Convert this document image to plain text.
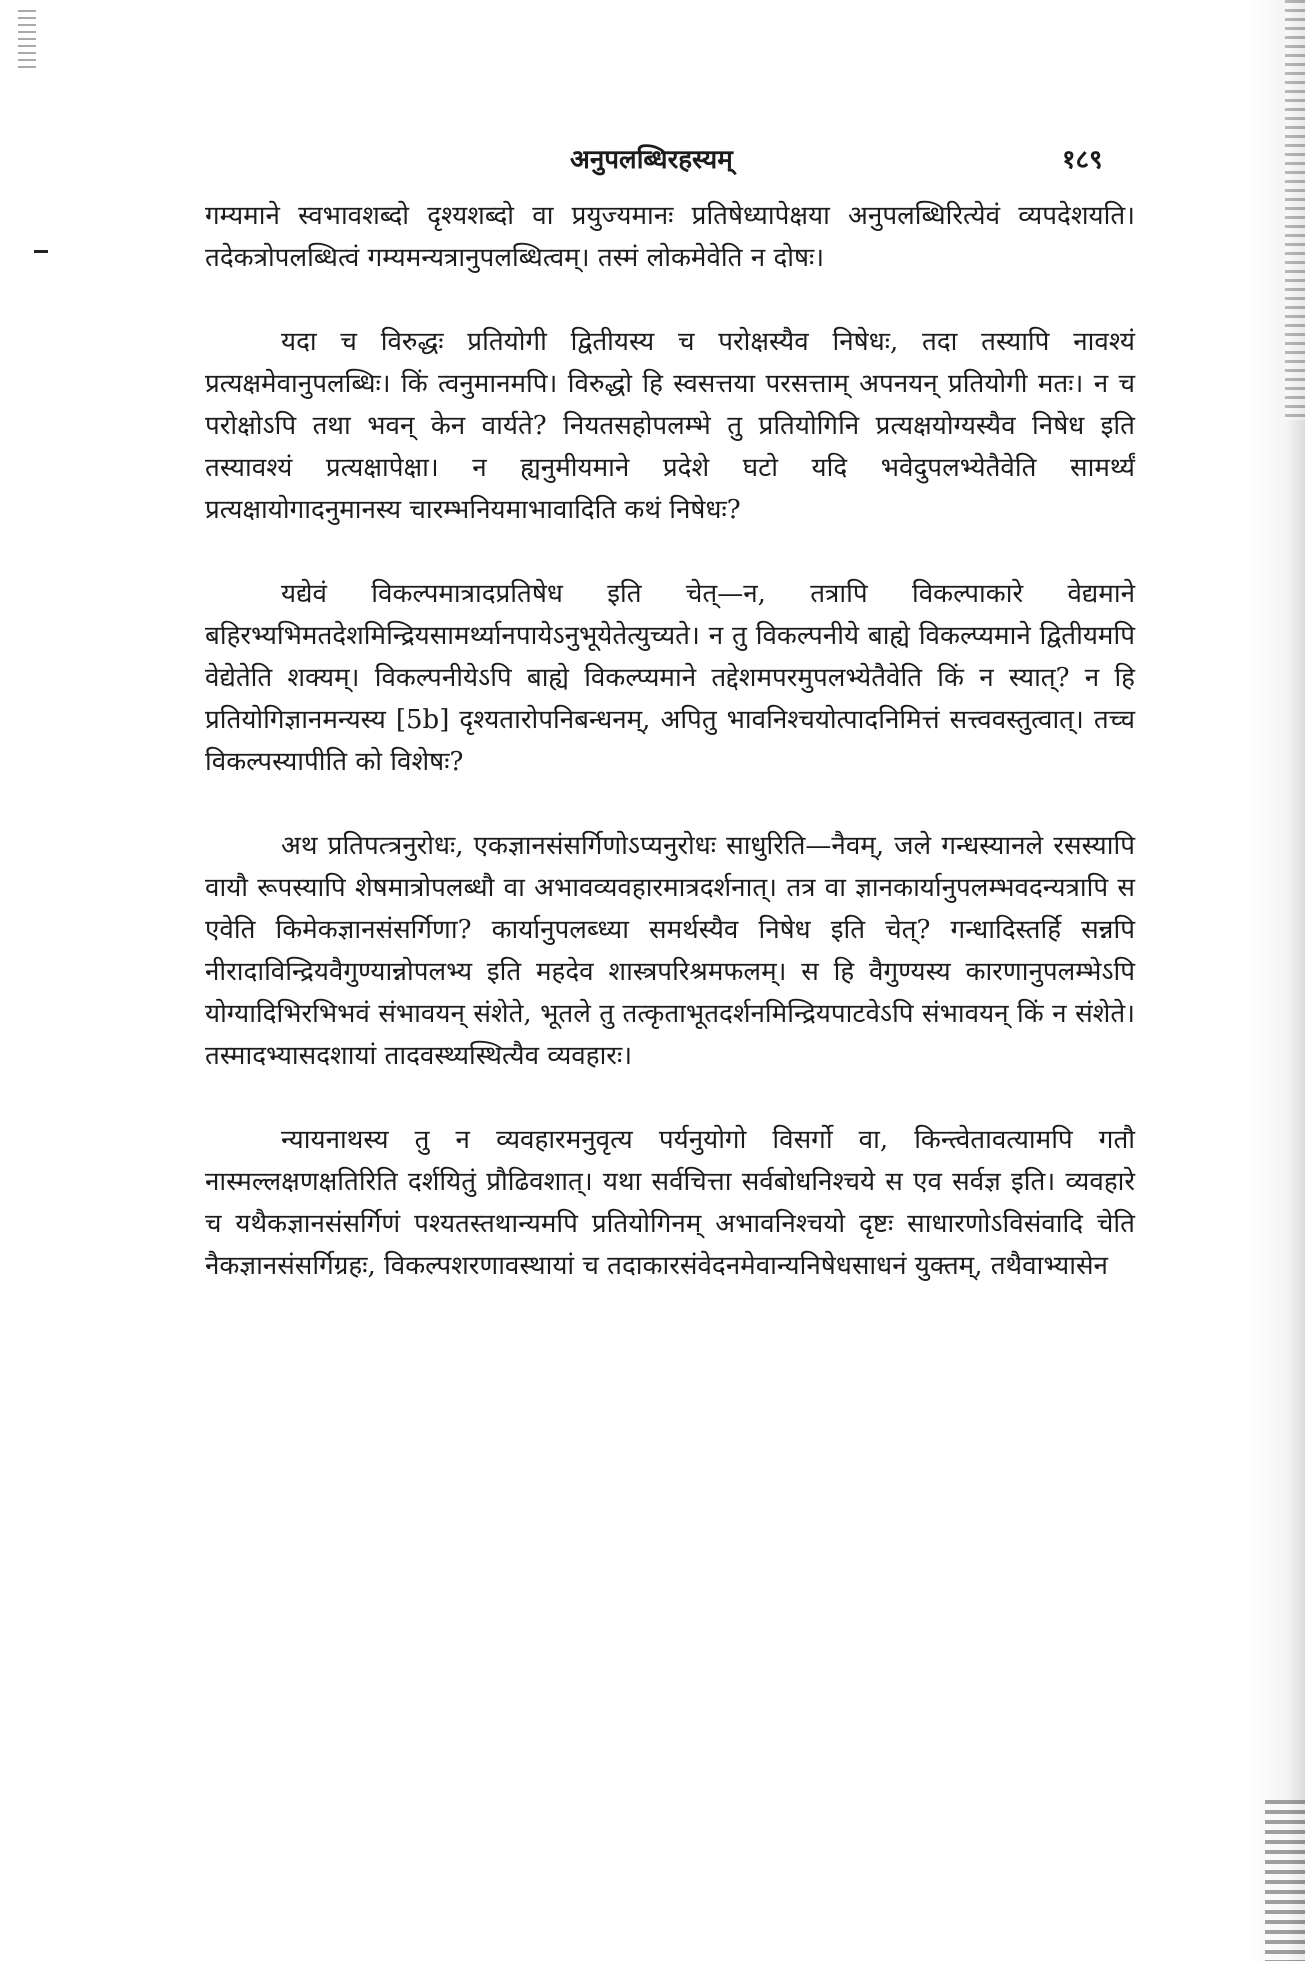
अनुपलब्धिरहस्यम्	१८९

गम्यमाने स्वभावशब्दो दृश्यशब्दो वा प्रयुज्यमानः प्रतिषेध्यापेक्षया अनुपलब्धिरित्येवं व्यपदेशयति। तदेकत्रोपलब्धित्वं गम्यमन्यत्रानुपलब्धित्वम्। तस्मं लोकमेवेति न दोषः।

यदा च विरुद्धः प्रतियोगी द्वितीयस्य च परोक्षस्यैव निषेधः, तदा तस्यापि नावश्यं प्रत्यक्षमेवानुपलब्धिः। किं त्वनुमानमपि। विरुद्धो हि स्वसत्तया परसत्ताम् अपनयन् प्रतियोगी मतः। न च परोक्षोऽपि तथा भवन् केन वार्यते? नियतसहोपलम्भे तु प्रतियोगिनि प्रत्यक्षयोग्यस्यैव निषेध इति तस्यावश्यं प्रत्यक्षापेक्षा। न ह्यनुमीयमाने प्रदेशे घटो यदि भवेदुपलभ्येतैवेति सामर्थ्यं प्रत्यक्षायोगादनुमानस्य चारम्भनियमाभावादिति कथं निषेधः?

यद्येवं विकल्पमात्रादप्रतिषेध इति चेत्—न, तत्रापि विकल्पाकारे वेद्यमाने बहिरभ्यभिमतदेशमिन्द्रियसामर्थ्यानपायेऽनुभूयेतेत्युच्यते। न तु विकल्पनीये बाह्ये विकल्प्यमाने द्वितीयमपि वेद्येतेति शक्यम्। विकल्पनीयेऽपि बाह्ये विकल्प्यमाने तद्देशमपरमुपलभ्येतैवेति किं न स्यात्? न हि प्रतियोगिज्ञानमन्यस्य [5b] दृश्यतारोपनिबन्धनम्, अपितु भावनिश्चयोत्पादनिमित्तं सत्त्ववस्तुत्वात्। तच्च विकल्पस्यापीति को विशेषः?

अथ प्रतिपत्त्रनुरोधः, एकज्ञानसंसर्गिणोऽप्यनुरोधः साधुरिति—नैवम्, जले गन्धस्यानले रसस्यापि वायौ रूपस्यापि शेषमात्रोपलब्धौ वा अभावव्यवहारमात्रदर्शनात्। तत्र वा ज्ञानकार्यानुपलम्भवदन्यत्रापि स एवेति किमेकज्ञानसंसर्गिणा? कार्यानुपलब्ध्या समर्थस्यैव निषेध इति चेत्? गन्धादिस्तर्हि सन्नपि नीरादाविन्द्रियवैगुण्यान्नोपलभ्य इति महदेव शास्त्रपरिश्रमफलम्। स हि वैगुण्यस्य कारणानुपलम्भेऽपि योग्यादिभिरभिभवं संभावयन् संशेते, भूतले तु तत्कृताभूतदर्शनमिन्द्रियपाटवेऽपि संभावयन् किं न संशेते। तस्मादभ्यासदशायां तादवस्थ्यस्थित्यैव व्यवहारः।

न्यायनाथस्य तु न व्यवहारमनुवृत्य पर्यनुयोगो विसर्गो वा, किन्त्वेतावत्यामपि गतौ नास्मल्लक्षणक्षतिरिति दर्शयितुं प्रौढिवशात्। यथा सर्वचित्ता सर्वबोधनिश्चये स एव सर्वज्ञ इति। व्यवहारे च यथैकज्ञानसंसर्गिणं पश्यतस्तथान्यमपि प्रतियोगिनम् अभावनिश्चयो दृष्टः साधारणोऽविसंवादि चेति नैकज्ञानसंसर्गिग्रहः, विकल्पशरणावस्थायां च तदाकारसंवेदनमेवान्यनिषेधसाधनं युक्तम्, तथैवाभ्यासेन
